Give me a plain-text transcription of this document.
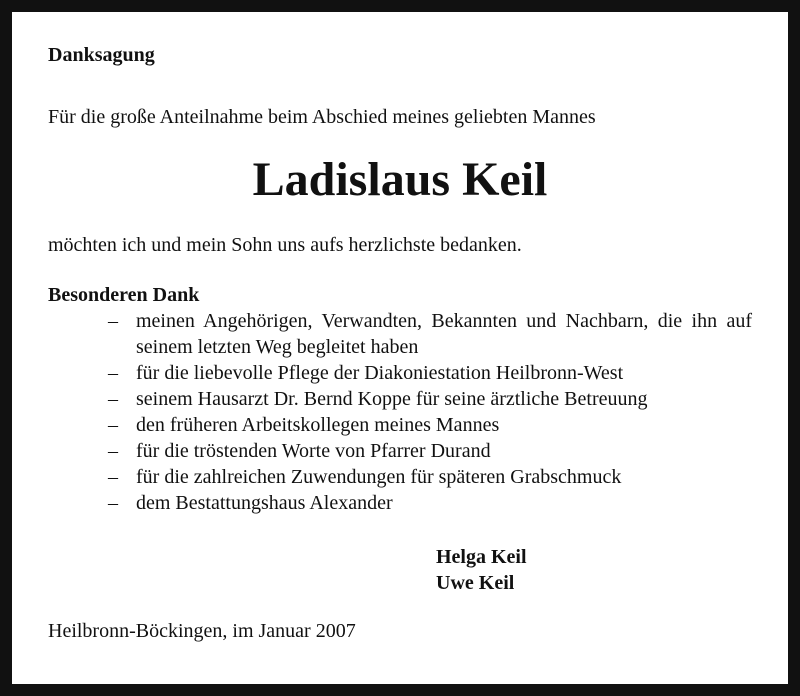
Danksagung
Für die große Anteilnahme beim Abschied meines geliebten Mannes
Ladislaus Keil
möchten ich und mein Sohn uns aufs herzlichste bedanken.
Besonderen Dank
– meinen Angehörigen, Verwandten, Bekannten und Nachbarn, die ihn auf seinem letzten Weg begleitet haben
– für die liebevolle Pflege der Diakoniestation Heilbronn-West
– seinem Hausarzt Dr. Bernd Koppe für seine ärztliche Betreuung
– den früheren Arbeitskollegen meines Mannes
– für die tröstenden Worte von Pfarrer Durand
– für die zahlreichen Zuwendungen für späteren Grabschmuck
– dem Bestattungshaus Alexander
Helga Keil
Uwe Keil
Heilbronn-Böckingen, im Januar 2007
